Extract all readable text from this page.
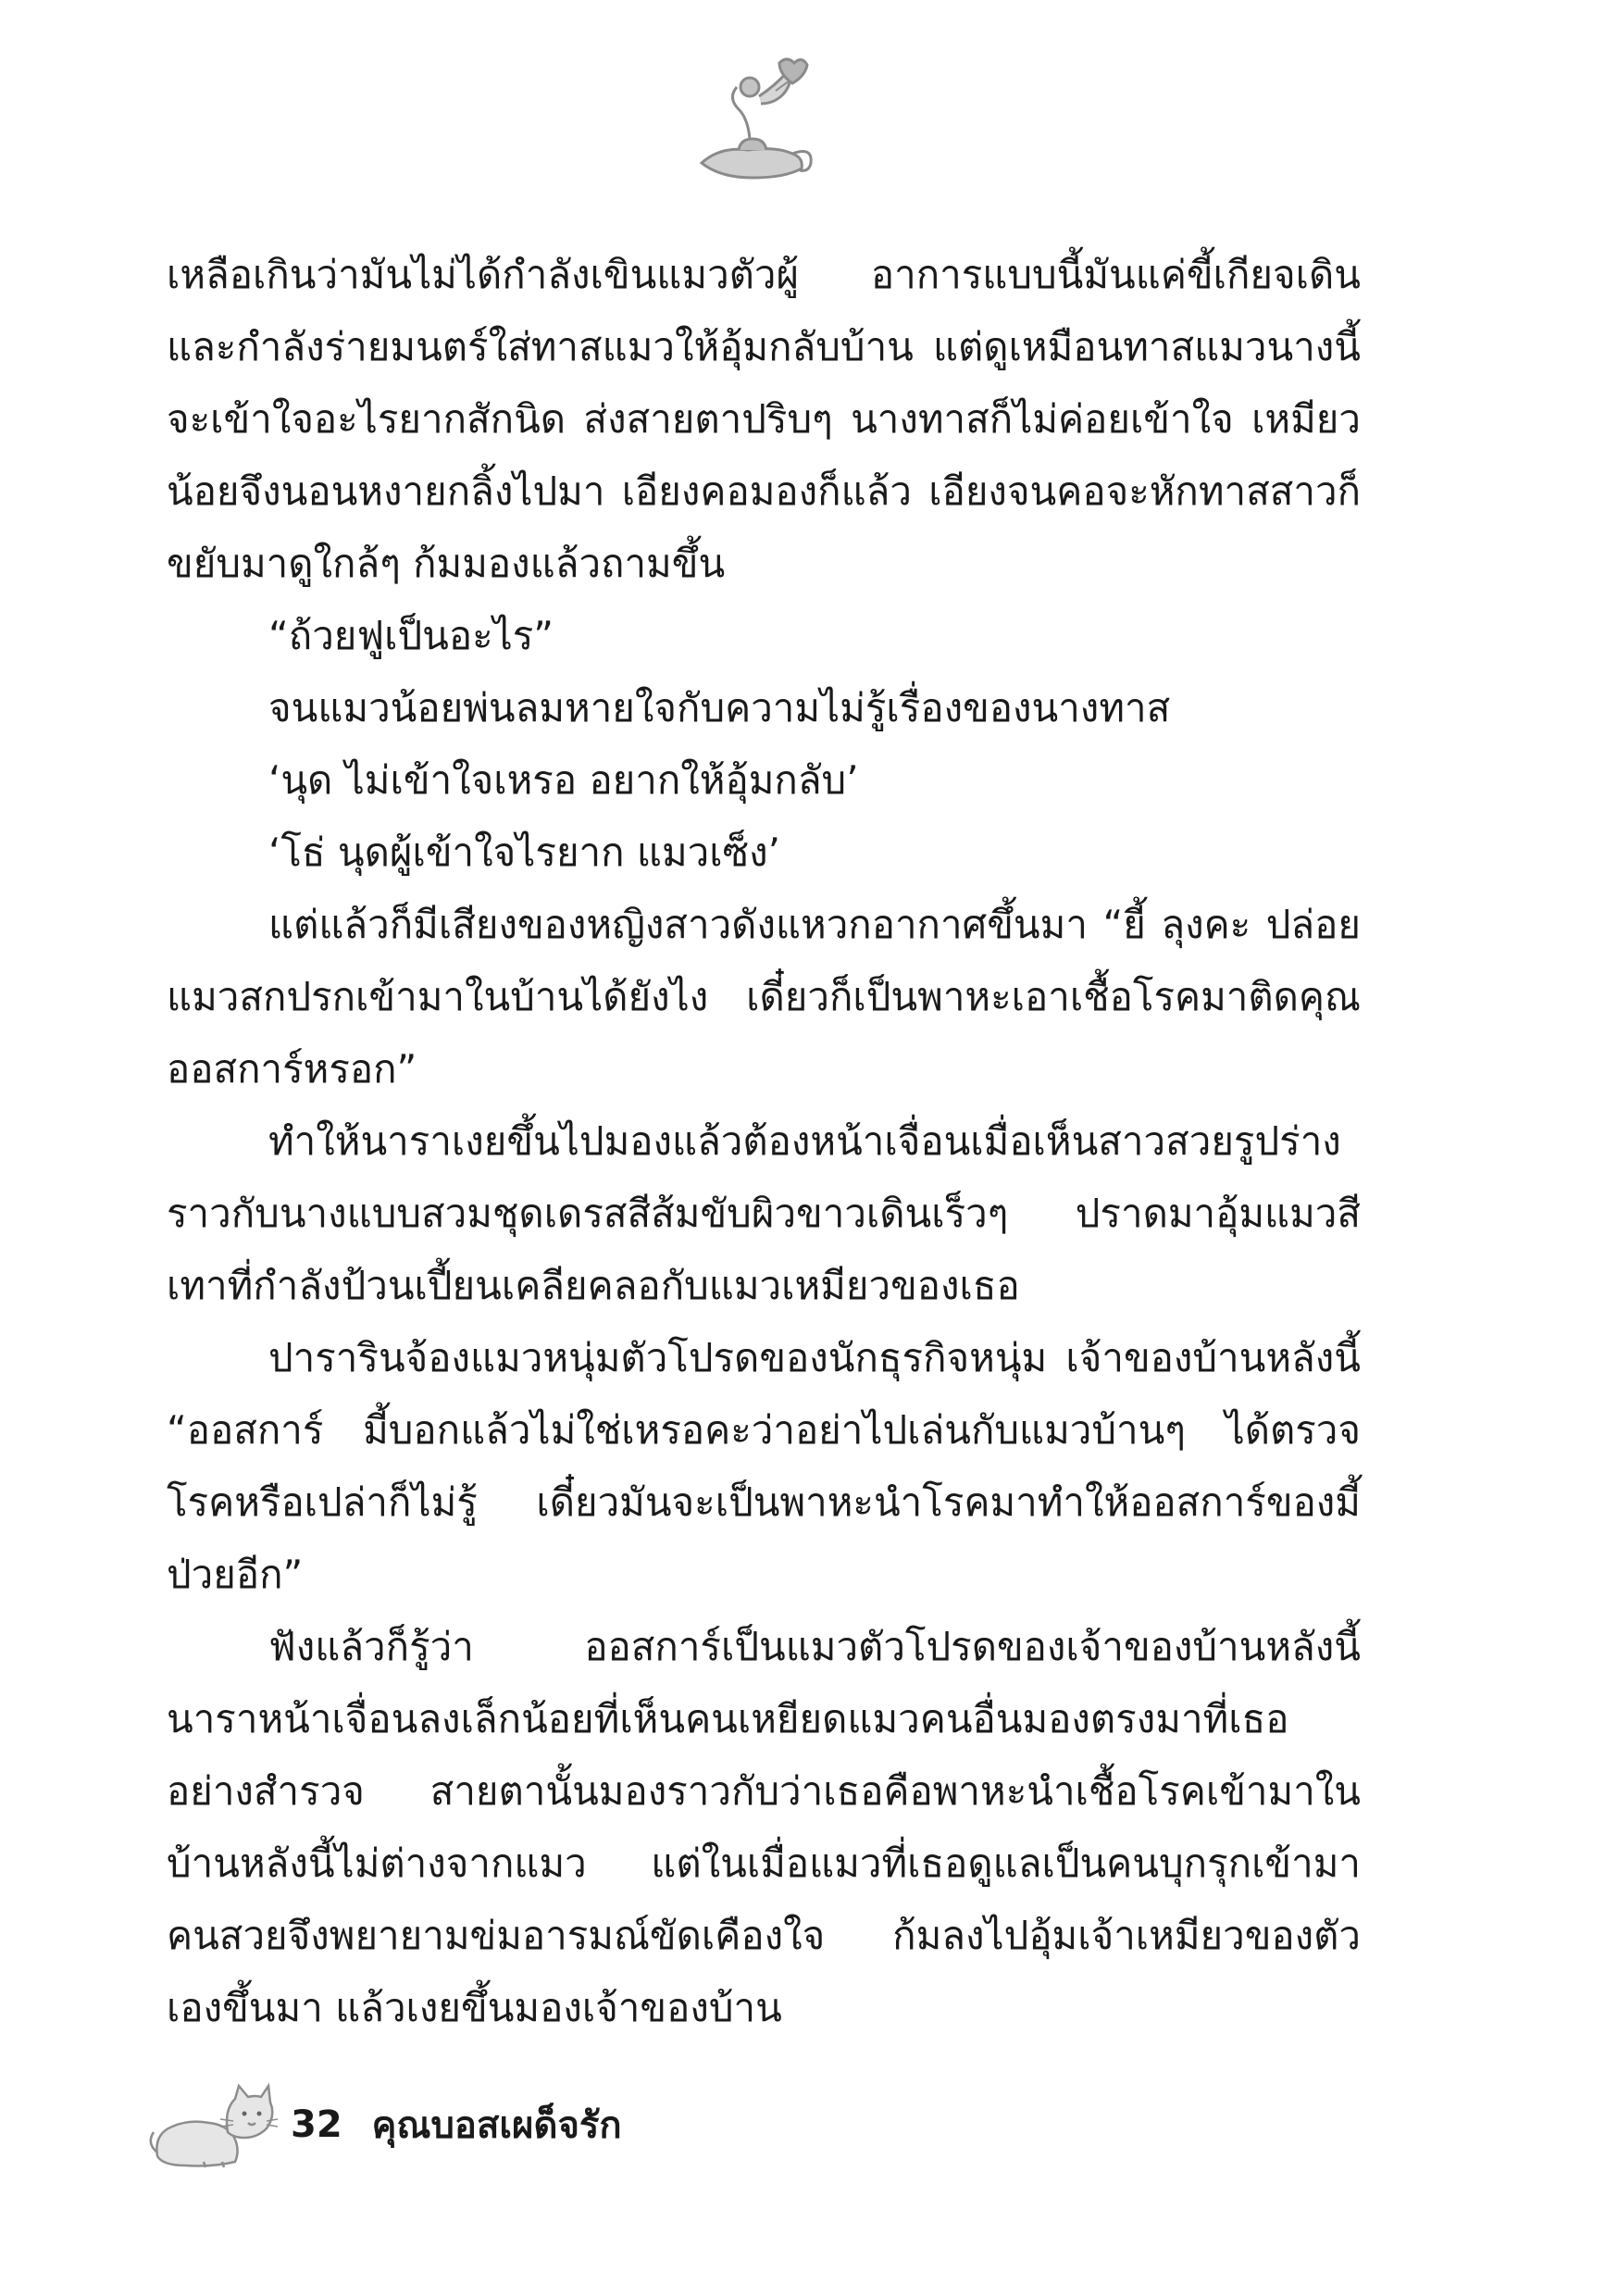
เหลือเกินว่ามันไม่ได้กำลังเขินแมวตัวผู้ อาการแบบนี้มันแค่ขี้เกียจเดิน และกำลังร่ายมนตร์ใส่ทาสแมวให้อุ้มกลับบ้าน แต่ดูเหมือนทาสแมวนางนี้จะเข้าใจอะไรยากสักนิด ส่งสายตาปริบๆ นางทาสก็ไม่ค่อยเข้าใจ เหมียวน้อยจึงนอนหงายกลิ้งไปมา เอียงคอมองก็แล้ว เอียงจนคอจะหักทาสสาวก็ขยับมาดูใกล้ๆ ก้มมองแล้วถามขึ้น

“ถ้วยฟูเป็นอะไร”

จนแมวน้อยพ่นลมหายใจกับความไม่รู้เรื่องของนางทาส

‘นุด ไม่เข้าใจเหรอ อยากให้อุ้มกลับ’

‘โธ่ นุดผู้เข้าใจไรยาก แมวเซ็ง’

แต่แล้วก็มีเสียงของหญิงสาวดังแหวกอากาศขึ้นมา “ยี้ ลุงคะ ปล่อยแมวสกปรกเข้ามาในบ้านได้ยังไง เดี๋ยวก็เป็นพาหะเอาเชื้อโรคมาติดคุณออสการ์หรอก”

ทำให้นาราเงยขึ้นไปมองแล้วต้องหน้าเจื่อนเมื่อเห็นสาวสวยรูปร่างราวกับนางแบบสวมชุดเดรสสีส้มขับผิวขาวเดินเร็วๆ ปราดมาอุ้มแมวสีเทาที่กำลังป้วนเปี้ยนเคลียคลอกับแมวเหมียวของเธอ

ปารารินจ้องแมวหนุ่มตัวโปรดของนักธุรกิจหนุ่ม เจ้าของบ้านหลังนี้ “ออสการ์ มี้บอกแล้วไม่ใช่เหรอคะว่าอย่าไปเล่นกับแมวบ้านๆ ได้ตรวจโรคหรือเปล่าก็ไม่รู้ เดี๋ยวมันจะเป็นพาหะนำโรคมาทำให้ออสการ์ของมี้ป่วยอีก”

ฟังแล้วก็รู้ว่า ออสการ์เป็นแมวตัวโปรดของเจ้าของบ้านหลังนี้ นาราหน้าเจื่อนลงเล็กน้อยที่เห็นคนเหยียดแมวคนอื่นมองตรงมาที่เธออย่างสำรวจ สายตานั้นมองราวกับว่าเธอคือพาหะนำเชื้อโรคเข้ามาในบ้านหลังนี้ไม่ต่างจากแมว แต่ในเมื่อแมวที่เธอดูแลเป็นคนบุกรุกเข้ามา คนสวยจึงพยายามข่มอารมณ์ขัดเคืองใจ ก้มลงไปอุ้มเจ้าเหมียวของตัวเองขึ้นมา แล้วเงยขึ้นมองเจ้าของบ้าน

32 คุณบอสเผด็จรัก
